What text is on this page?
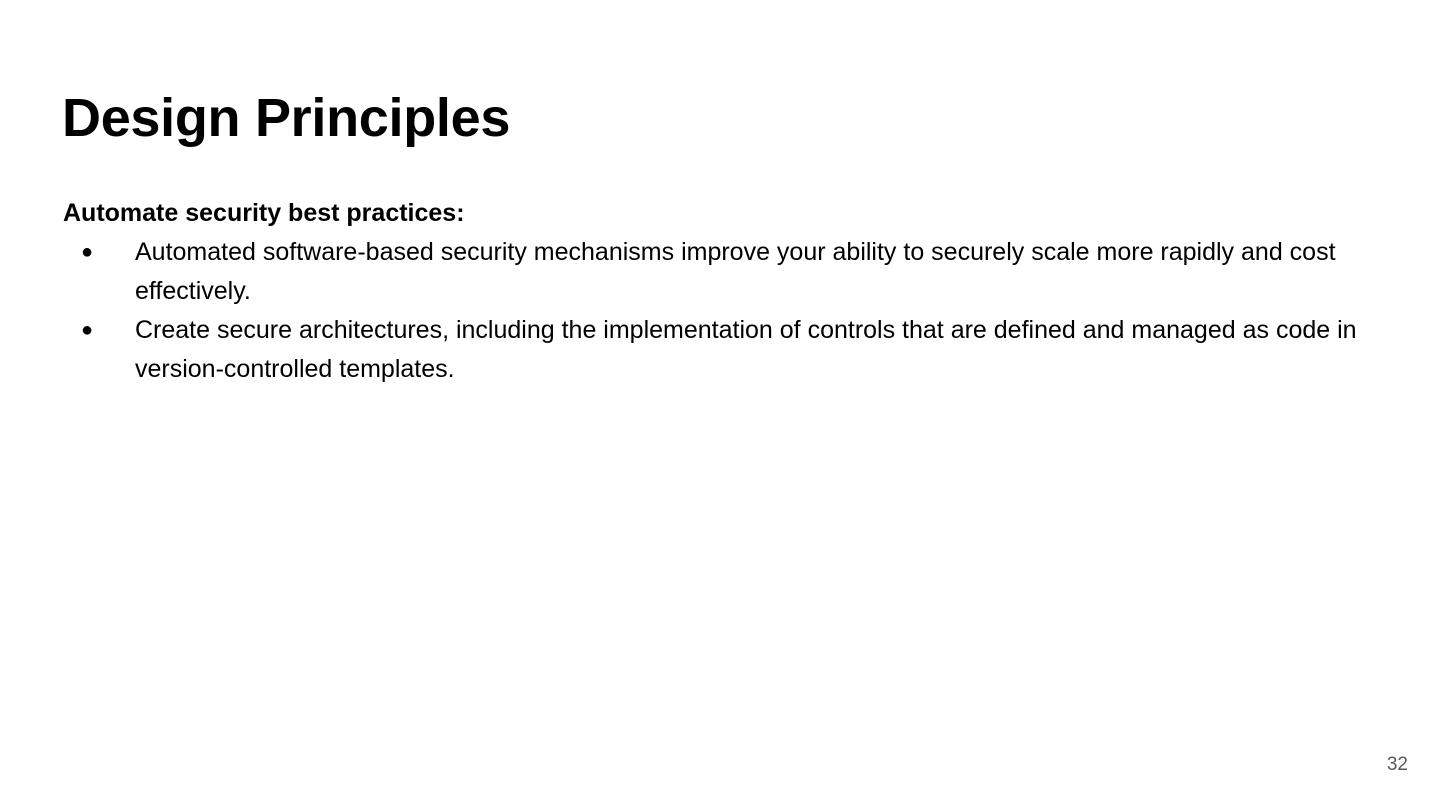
Design Principles

Automate security best practices:

● Automated software-based security mechanisms improve your ability to securely scale more rapidly and cost effectively.
● Create secure architectures, including the implementation of controls that are defined and managed as code in version-controlled templates.
32
